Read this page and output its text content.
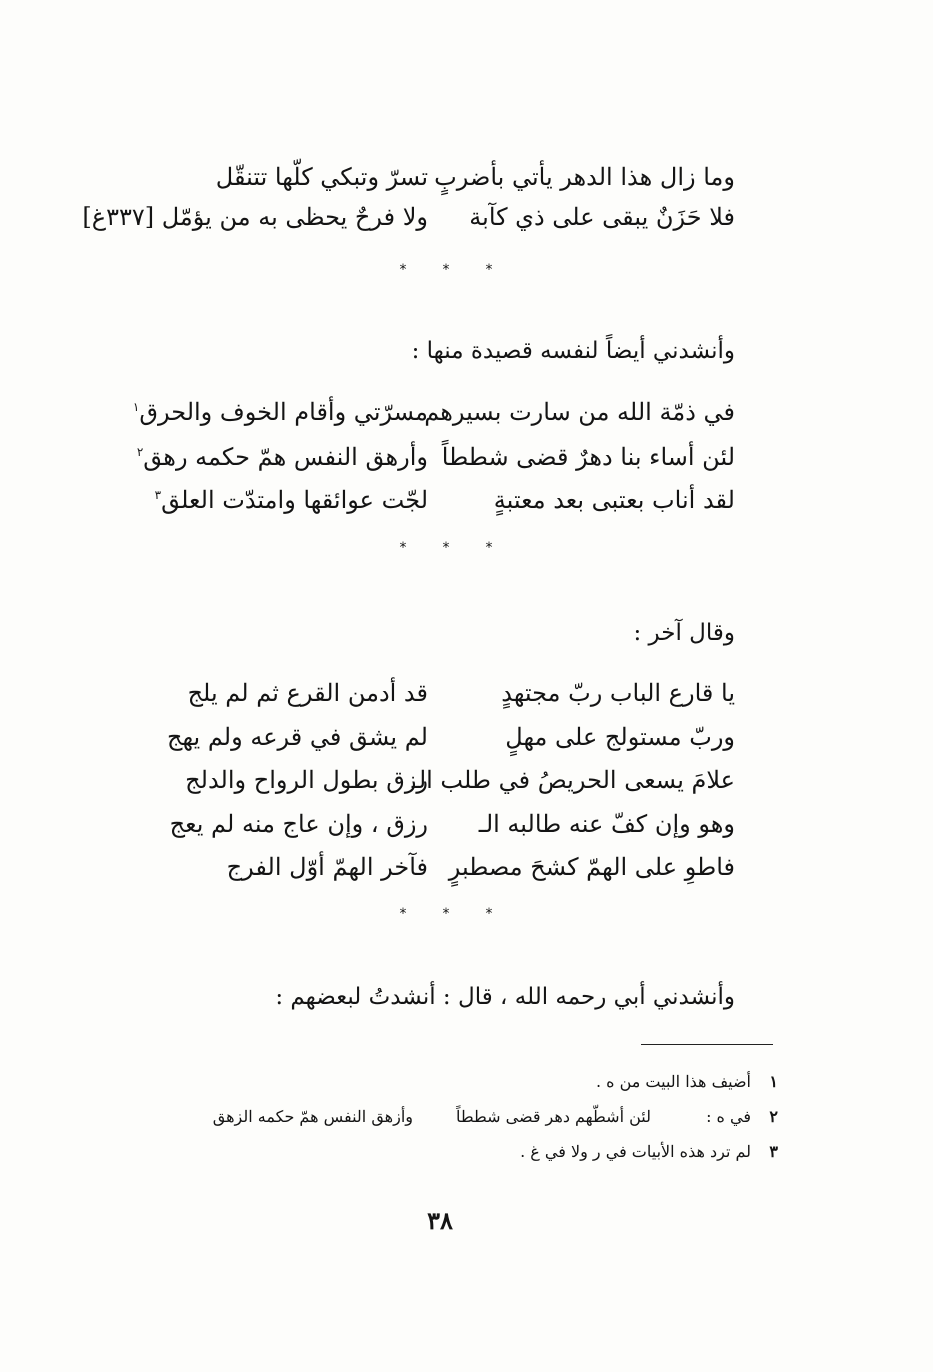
وما زال هذا الدهر يأتي بأضربٍ
تسرّ وتبكي كلّها تتنقّل
فلا حَزَنٌ يبقى على ذي كآبة
ولا فرحٌ يحظى به من يؤمّل [٣٣٧غ]
*	*	*
وأنشدني أيضاً لنفسه قصيدة منها :
في ذمّة الله من سارت بسيرهم
مسرّتي وأقام الخوف والحرق$^١$
لئن أساء بنا دهرٌ قضى شططاً
وأرهق النفس همّ حكمه رهق$^٢$
لقد أناب بعتبى بعد معتبةٍ
لجّت عوائقها وامتدّت العلق$^٣$
*	*	*
وقال آخر :
يا قارع الباب ربّ مجتهدٍ
قد أدمن القرع ثم لم يلج
وربّ مستولج على مهلٍ
لم يشق في قرعه ولم يهج
علامَ يسعى الحريصُ في طلب الـ
رزق بطول الرواح والدلج
وهو وإن كفّ عنه طالبه الـ
رزق ، وإن عاج منه لم يعج
فاطوِ على الهمّ كشحَ مصطبرٍ
فآخر الهمّ أوّل الفرج
*	*	*
وأنشدني أبي رحمه الله ، قال : أنشدتُ لبعضهم :
١
أضيف هذا البيت من ه .
٢
في ه :
لئن أشطّهم دهر قضى شططاً
وأزهق النفس همّ حكمه الزهق
٣
لم ترد هذه الأبيات في ر ولا في غ .
٣٨
